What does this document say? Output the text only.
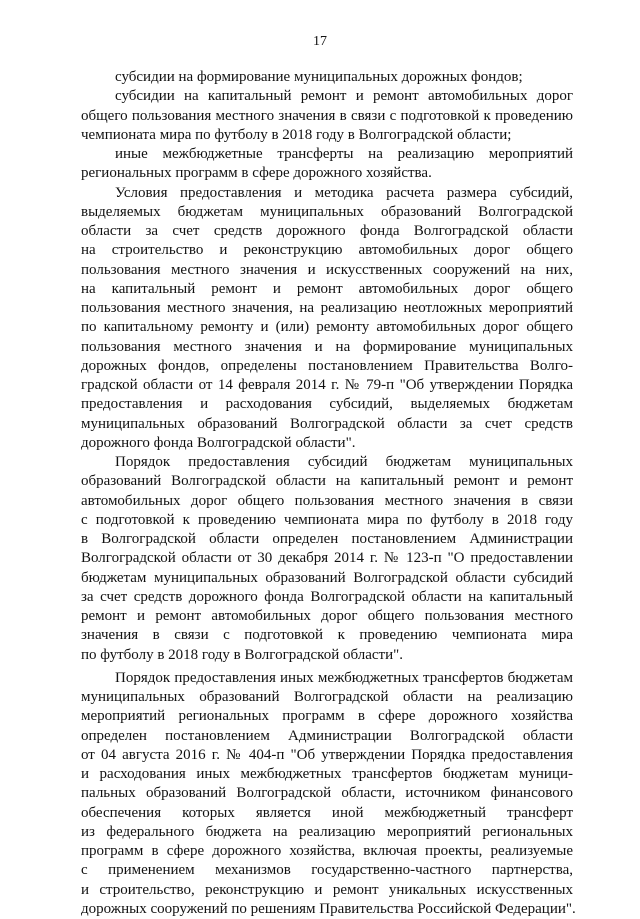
17
субсидии на формирование муниципальных дорожных фондов;
субсидии на капитальный ремонт и ремонт автомобильных дорог
общего пользования местного значения в связи с подготовкой к проведению
чемпионата мира по футболу в 2018 году в Волгоградской области;
иные межбюджетные трансферты на реализацию мероприятий
региональных программ в сфере дорожного хозяйства.
Условия предоставления и методика расчета размера субсидий,
выделяемых бюджетам муниципальных образований Волгоградской
области за счет средств дорожного фонда Волгоградской области
на строительство и реконструкцию автомобильных дорог общего
пользования местного значения и искусственных сооружений на них,
на капитальный ремонт и ремонт автомобильных дорог общего
пользования местного значения, на реализацию неотложных мероприятий
по капитальному ремонту и (или) ремонту автомобильных дорог общего
пользования местного значения и на формирование муниципальных
дорожных фондов, определены постановлением Правительства Волго-
градской области от 14 февраля 2014 г. № 79-п "Об утверждении Порядка
предоставления и расходования субсидий, выделяемых бюджетам
муниципальных образований Волгоградской области за счет средств
дорожного фонда Волгоградской области".
Порядок предоставления субсидий бюджетам муниципальных
образований Волгоградской области на капитальный ремонт и ремонт
автомобильных дорог общего пользования местного значения в связи
с подготовкой к проведению чемпионата мира по футболу в 2018 году
в Волгоградской области определен постановлением Администрации
Волгоградской области от 30 декабря 2014 г. № 123-п "О предоставлении
бюджетам муниципальных образований Волгоградской области субсидий
за счет средств дорожного фонда Волгоградской области на капитальный
ремонт и ремонт автомобильных дорог общего пользования местного
значения в связи с подготовкой к проведению чемпионата мира
по футболу в 2018 году в Волгоградской области".
Порядок предоставления иных межбюджетных трансфертов бюджетам
муниципальных образований Волгоградской области на реализацию
мероприятий региональных программ в сфере дорожного хозяйства
определен постановлением Администрации Волгоградской области
от 04 августа 2016 г. № 404-п "Об утверждении Порядка предоставления
и расходования иных межбюджетных трансфертов бюджетам муници-
пальных образований Волгоградской области, источником финансового
обеспечения которых является иной межбюджетный трансферт
из федерального бюджета на реализацию мероприятий региональных
программ в сфере дорожного хозяйства, включая проекты, реализуемые
с применением механизмов государственно-частного партнерства,
и строительство, реконструкцию и ремонт уникальных искусственных
дорожных сооружений по решениям Правительства Российской Федерации".
